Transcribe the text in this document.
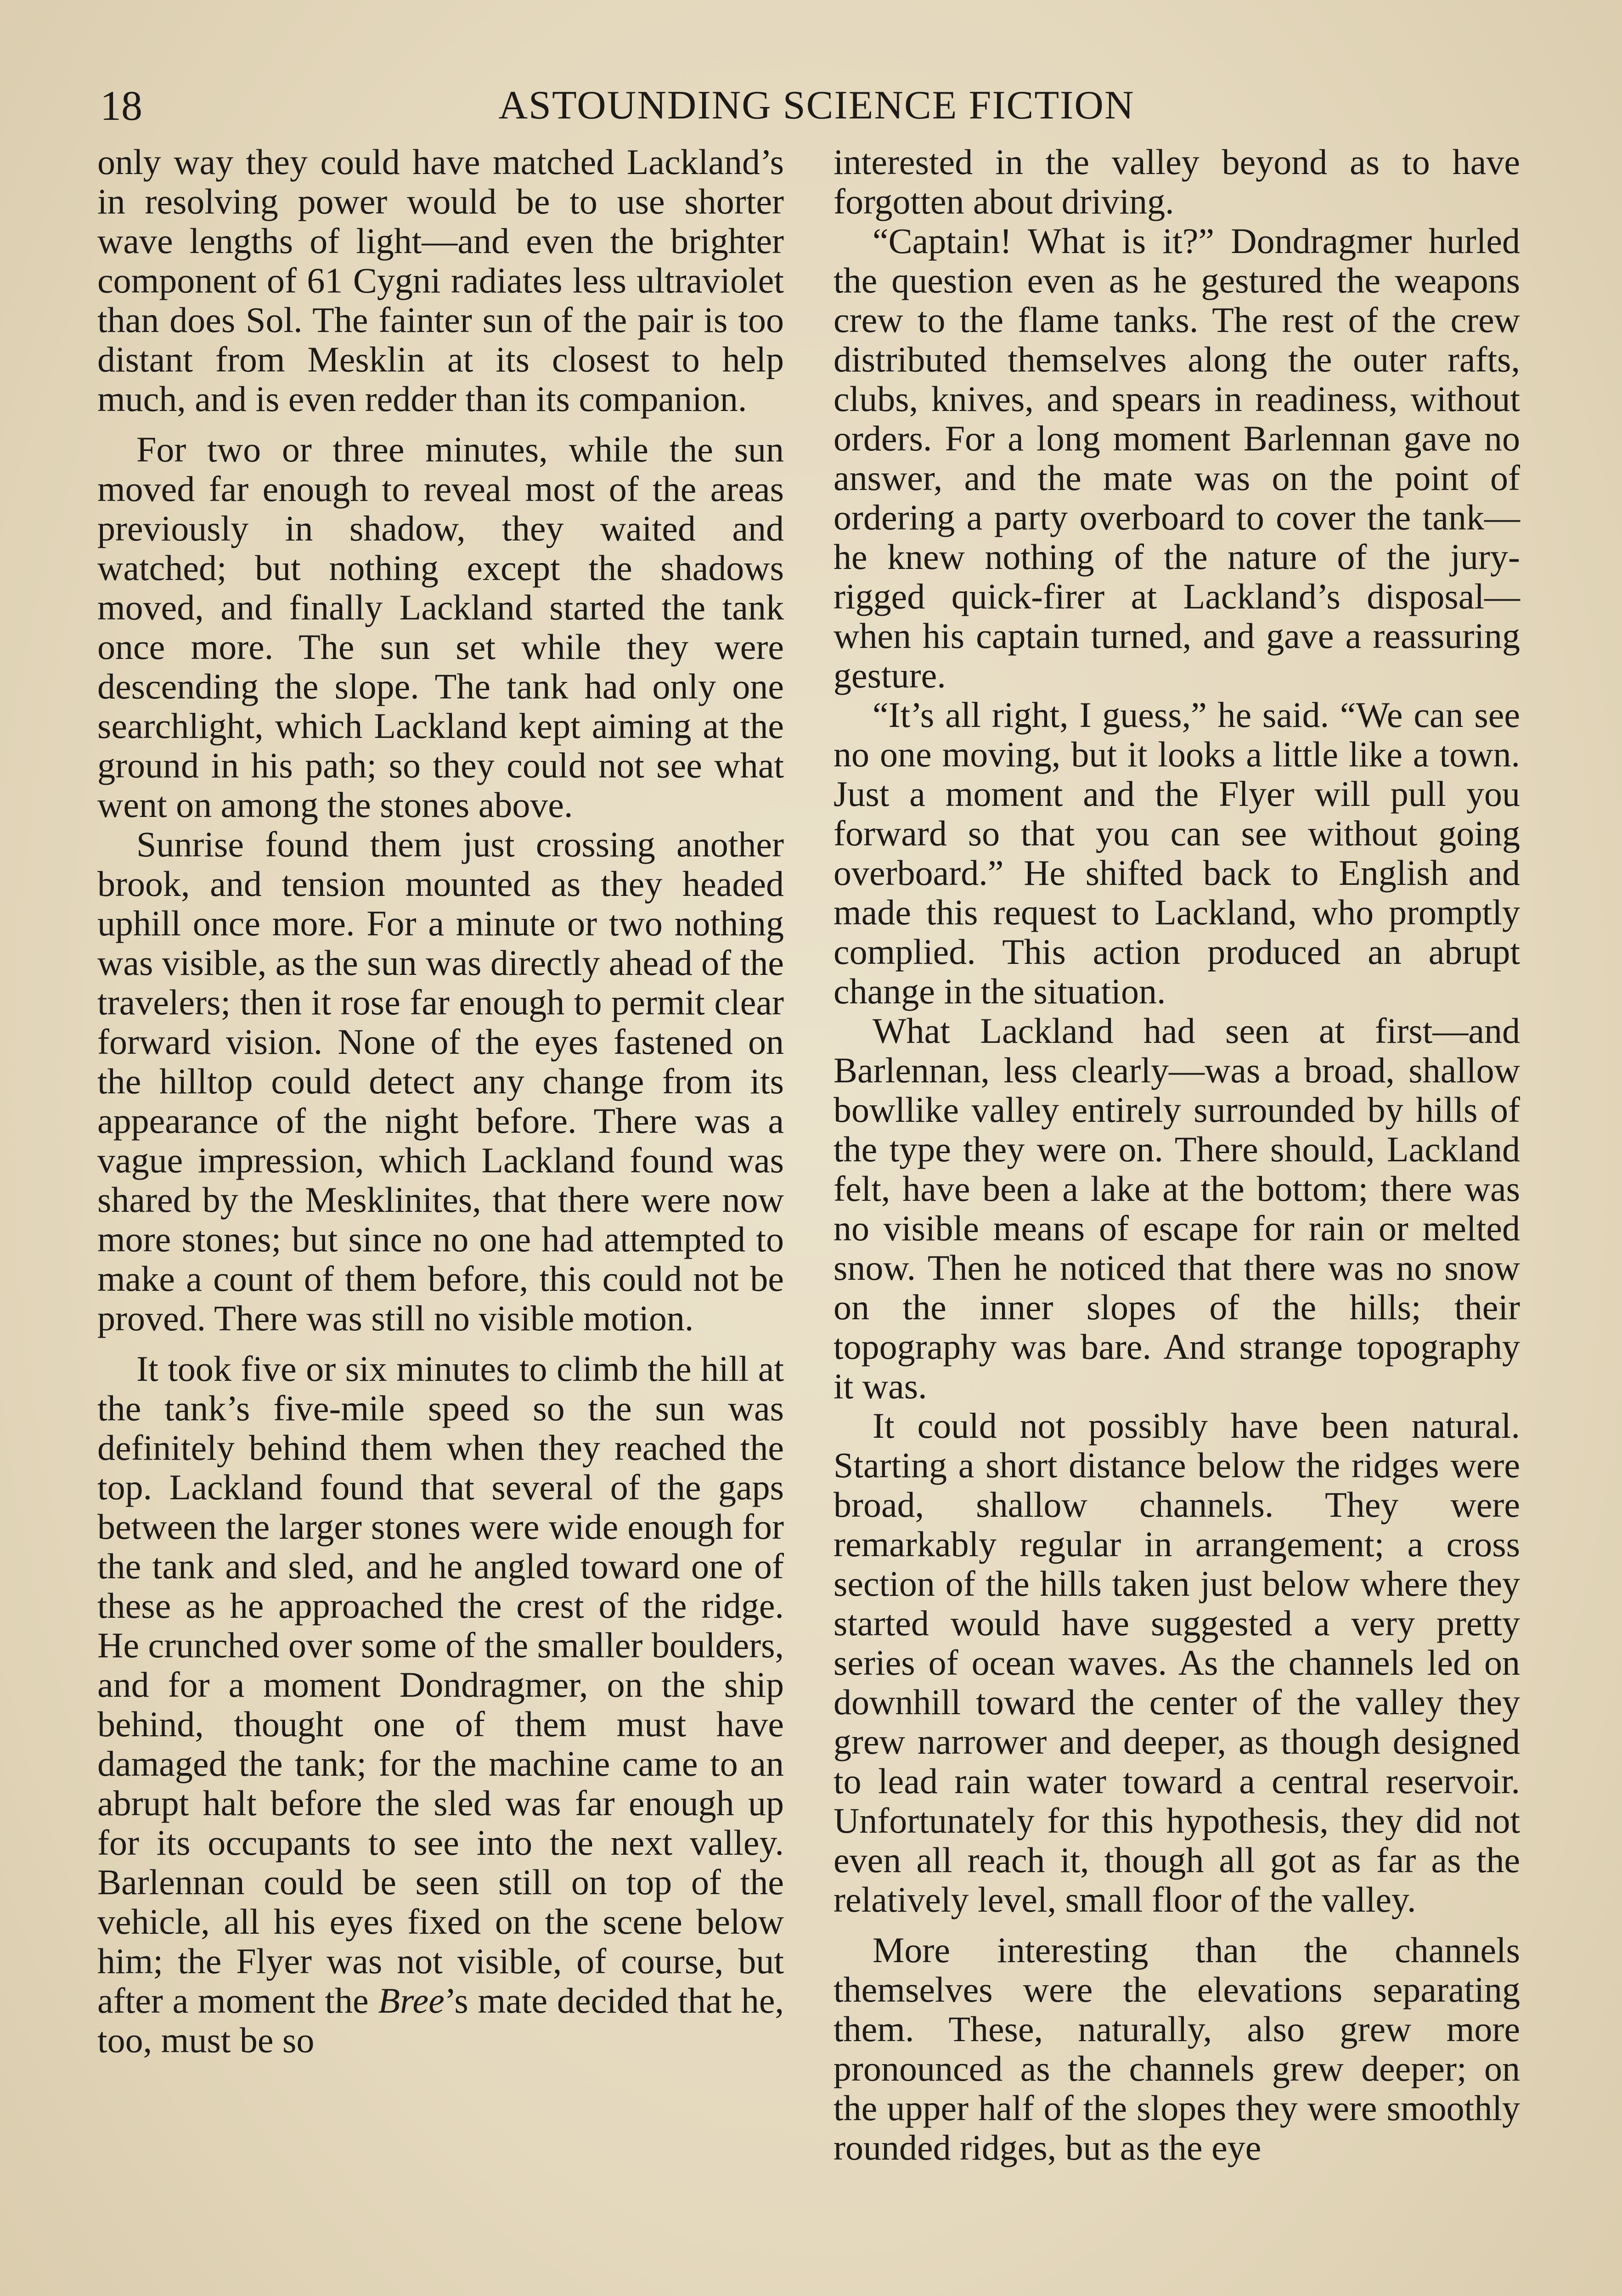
18	ASTOUNDING SCIENCE FICTION

only way they could have matched Lackland’s in resolving power would be to use shorter wave lengths of light—and even the brighter component of 61 Cygni radiates less ultraviolet than does Sol. The fainter sun of the pair is too distant from Mesklin at its closest to help much, and is even redder than its companion.

For two or three minutes, while the sun moved far enough to reveal most of the areas previously in shadow, they waited and watched; but nothing except the shadows moved, and finally Lackland started the tank once more. The sun set while they were descending the slope. The tank had only one searchlight, which Lackland kept aiming at the ground in his path; so they could not see what went on among the stones above.

Sunrise found them just crossing another brook, and tension mounted as they headed uphill once more. For a minute or two nothing was visible, as the sun was directly ahead of the travelers; then it rose far enough to permit clear forward vision. None of the eyes fastened on the hilltop could detect any change from its appearance of the night before. There was a vague impression, which Lackland found was shared by the Mesklinites, that there were now more stones; but since no one had attempted to make a count of them before, this could not be proved. There was still no visible motion.

It took five or six minutes to climb the hill at the tank’s five-mile speed so the sun was definitely behind them when they reached the top. Lackland found that several of the gaps between the larger stones were wide enough for the tank and sled, and he angled toward one of these as he approached the crest of the ridge. He crunched over some of the smaller boulders, and for a moment Dondragmer, on the ship behind, thought one of them must have damaged the tank; for the machine came to an abrupt halt before the sled was far enough up for its occupants to see into the next valley. Barlennan could be seen still on top of the vehicle, all his eyes fixed on the scene below him; the Flyer was not visible, of course, but after a moment the Bree’s mate decided that he, too, must be so

interested in the valley beyond as to have forgotten about driving.

“Captain! What is it?” Dondragmer hurled the question even as he gestured the weapons crew to the flame tanks. The rest of the crew distributed themselves along the outer rafts, clubs, knives, and spears in readiness, without orders. For a long moment Barlennan gave no answer, and the mate was on the point of ordering a party overboard to cover the tank—he knew nothing of the nature of the jury-rigged quick-firer at Lackland’s disposal—when his captain turned, and gave a reassuring gesture.

“It’s all right, I guess,” he said. “We can see no one moving, but it looks a little like a town. Just a moment and the Flyer will pull you forward so that you can see without going overboard.” He shifted back to English and made this request to Lackland, who promptly complied. This action produced an abrupt change in the situation.

What Lackland had seen at first—and Barlennan, less clearly—was a broad, shallow bowllike valley entirely surrounded by hills of the type they were on. There should, Lackland felt, have been a lake at the bottom; there was no visible means of escape for rain or melted snow. Then he noticed that there was no snow on the inner slopes of the hills; their topography was bare. And strange topography it was.

It could not possibly have been natural. Starting a short distance below the ridges were broad, shallow channels. They were remarkably regular in arrangement; a cross section of the hills taken just below where they started would have suggested a very pretty series of ocean waves. As the channels led on downhill toward the center of the valley they grew narrower and deeper, as though designed to lead rain water toward a central reservoir. Unfortunately for this hypothesis, they did not even all reach it, though all got as far as the relatively level, small floor of the valley.

More interesting than the channels themselves were the elevations separating them. These, naturally, also grew more pronounced as the channels grew deeper; on the upper half of the slopes they were smoothly rounded ridges, but as the eye
